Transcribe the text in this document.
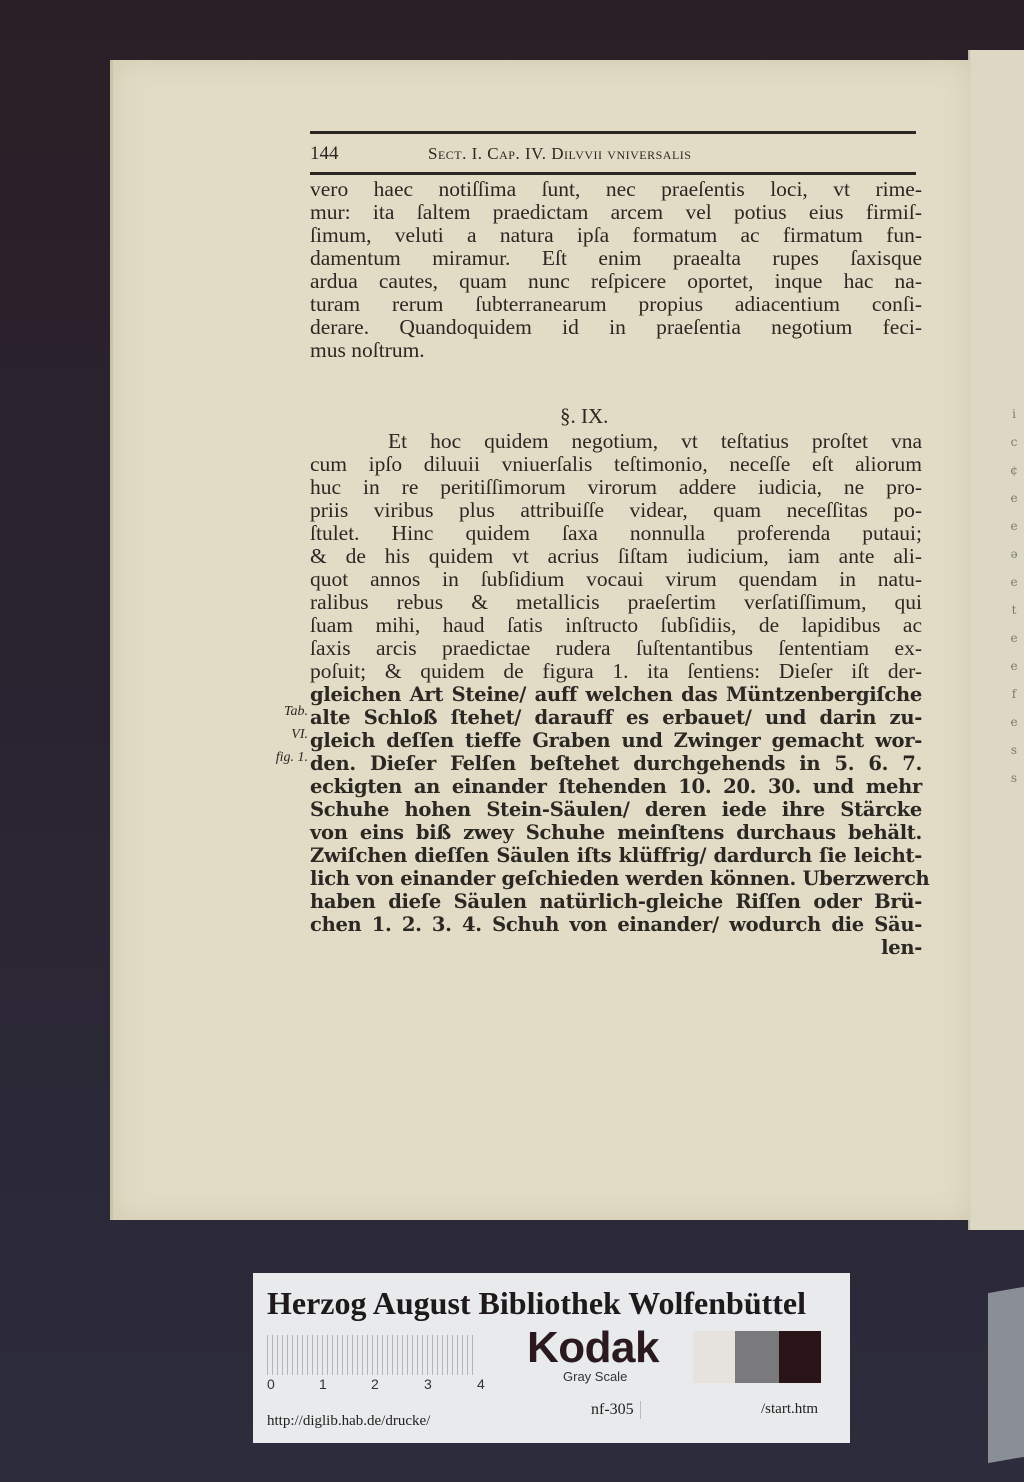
i
c
¢
e
e
ə
e
t
e
e
f
e
s
s
144	Sect. I. Cap. IV. Dilvvii vniversalis
vero haec notiſſima ſunt, nec praeſentis loci, vt rime-
mur: ita ſaltem praedictam arcem vel potius eius firmiſ-
ſimum, veluti a natura ipſa formatum ac firmatum fun-
damentum miramur. Eſt enim praealta rupes ſaxisque
ardua cautes, quam nunc reſpicere oportet, inque hac na-
turam rerum ſubterranearum propius adiacentium conſi-
derare. Quandoquidem id in praeſentia negotium feci-
mus noſtrum.
§. IX.
Et hoc quidem negotium, vt teſtatius proſtet vna
cum ipſo diluuii vniuerſalis teſtimonio, neceſſe eſt aliorum
huc in re peritiſſimorum virorum addere iudicia, ne pro-
priis viribus plus attribuiſſe videar, quam neceſſitas po-
ſtulet. Hinc quidem ſaxa nonnulla proferenda putaui;
& de his quidem vt acrius ſiſtam iudicium, iam ante ali-
quot annos in ſubſidium vocaui virum quendam in natu-
ralibus rebus & metallicis praeſertim verſatiſſimum, qui
ſuam mihi, haud ſatis inſtructo ſubſidiis, de lapidibus ac
ſaxis arcis praedictae rudera ſuſtentantibus ſententiam ex-
poſuit; & quidem de figura 1. ita ſentiens: Dieſer iſt der-
gleichen Art Steine/ auff welchen das Müntzenbergiſche
alte Schloß ſtehet/ darauff es erbauet/ und darin zu-
gleich deſſen tieffe Graben und Zwinger gemacht wor-
den. Dieſer Felſen beſtehet durchgehends in 5. 6. 7.
eckigten an einander ſtehenden 10. 20. 30. und mehr
Schuhe hohen Stein-Säulen/ deren iede ihre Stärcke
von eins biß zwey Schuhe meinſtens durchaus behält.
Zwiſchen dieſſen Säulen iſts klüffrig/ dardurch ſie leicht-
lich von einander geſchieden werden können. Uberzwerch
haben dieſe Säulen natürlich-gleiche Riſſen oder Brü-
chen 1. 2. 3. 4. Schuh von einander/ wodurch die Säu-
len-
Tab.
VI.
fig. 1.
Herzog August Bibliothek Wolfenbüttel
0	1	2	3	4
Kodak
Gray Scale
http://diglib.hab.de/drucke/
nf-305	/start.htm
